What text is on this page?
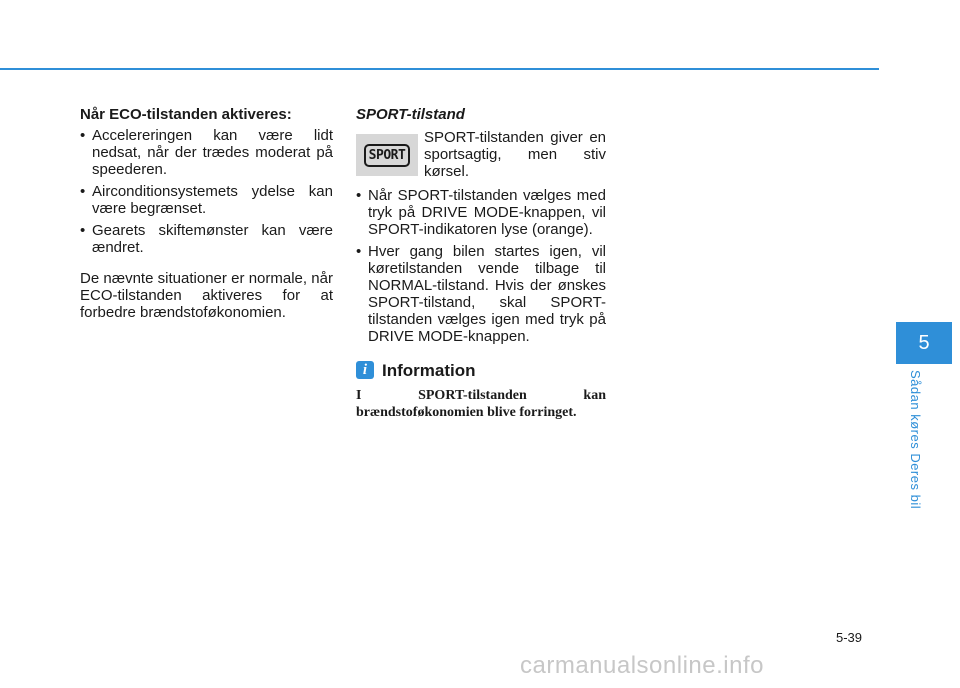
Når ECO-tilstanden aktiveres:

• Accelereringen kan være lidt nedsat, når der trædes moderat på speederen.
• Airconditionsystemets ydelse kan være begrænset.
• Gearets skiftemønster kan være ændret.

De nævnte situationer er normale, når ECO-tilstanden aktiveres for at forbedre brændstoføkonomien.

SPORT-tilstand

SPORT
SPORT-tilstanden giver en sportsagtig, men stiv kørsel.
• Når SPORT-tilstanden vælges med tryk på DRIVE MODE-knappen, vil SPORT-indikatoren lyse (orange).
• Hver gang bilen startes igen, vil køretilstanden vende tilbage til NORMAL-tilstand. Hvis der ønskes SPORT-tilstand, skal SPORT-tilstanden vælges igen med tryk på DRIVE MODE-knappen.
i Information
I	SPORT-tilstanden	kan
brændstoføkonomien blive forringet.
5
Sådan køres Deres bil
5-39
carmanualsonline.info
